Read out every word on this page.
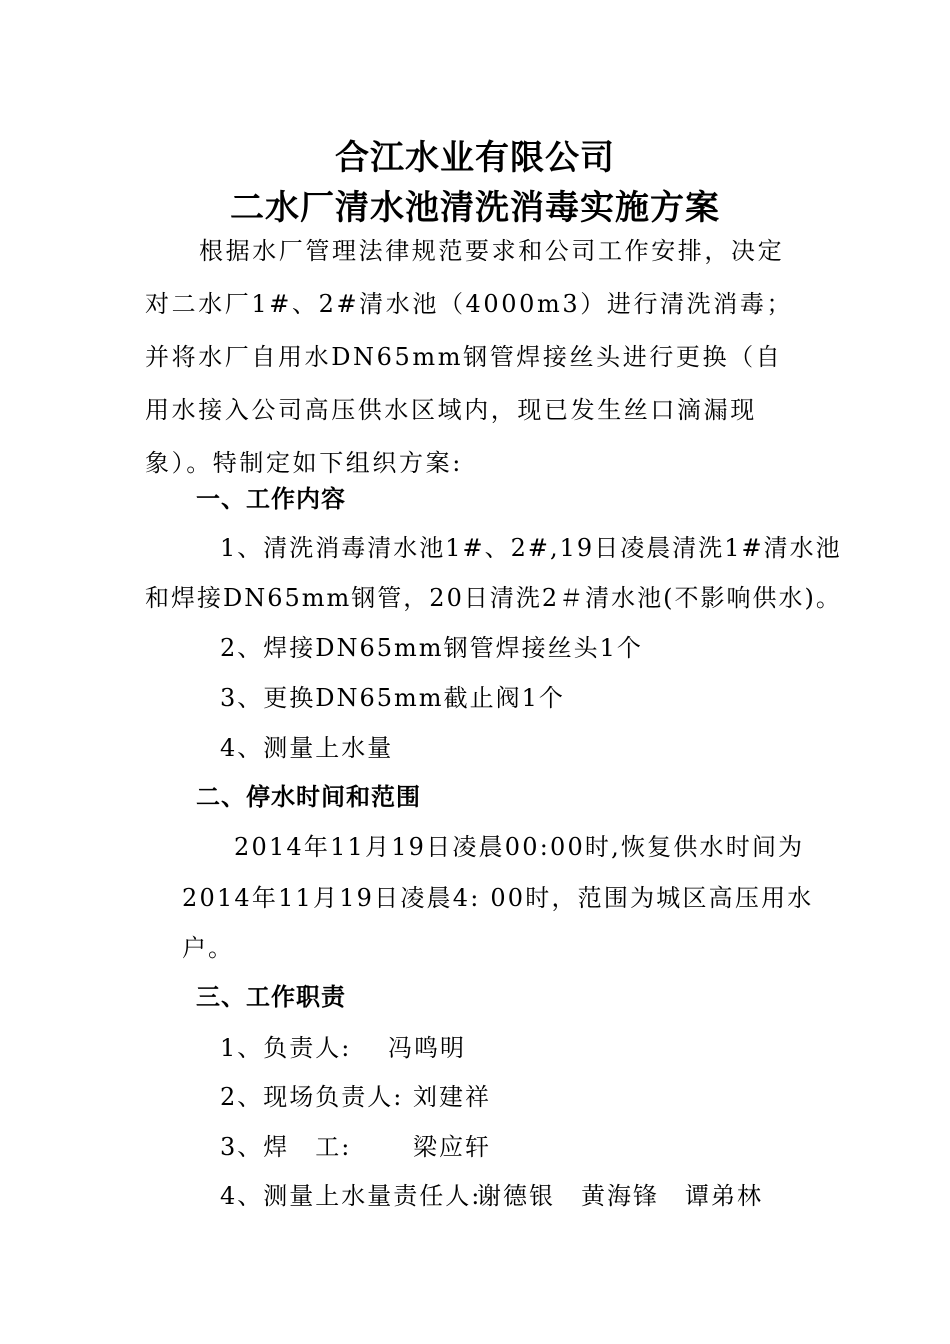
合江水业有限公司
二水厂清水池清洗消毒实施方案

根据水厂管理法律规范要求和公司工作安排，决定对二水厂1#、2#清水池（4000m3）进行清洗消毒；并将水厂自用水DN65mm钢管焊接丝头进行更换（自用水接入公司高压供水区域内，现已发生丝口滴漏现象）。特制定如下组织方案:

一、工作内容
1、清洗消毒清水池1#、2#,19日凌晨清洗1#清水池
和焊接DN65mm钢管，20日清洗2＃清水池(不影响供水)。
2、焊接DN65mm钢管焊接丝头1个
3、更换DN65mm截止阀1个
4、测量上水量
二、停水时间和范围
2014年11月19日凌晨00:00时,恢复供水时间为
2014年11月19日凌晨4: 00时，范围为城区高压用水
户。
三、工作职责
1、负责人: 冯鸣明
2、现场负责人: 刘建祥
3、焊　工:	梁应轩
4、测量上水量责任人:
谢德银　黄海锋　谭弟林
